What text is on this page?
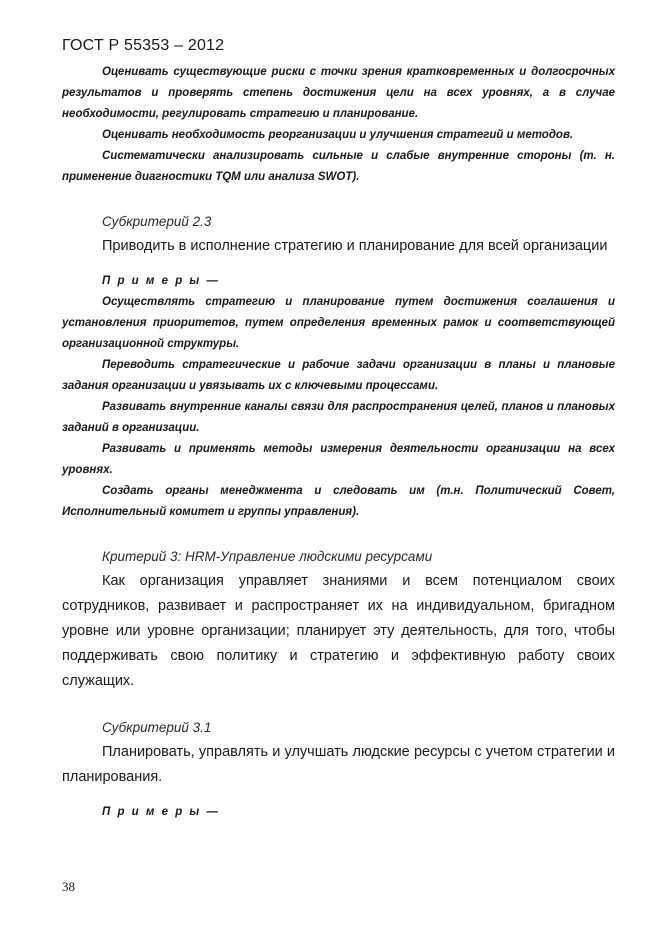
ГОСТ Р 55353 – 2012

Оценивать существующие риски с точки зрения кратковременных и долгосрочных результатов и проверять степень достижения цели на всех уровнях, а в случае необходимости, регулировать стратегию и планирование.

Оценивать необходимость реорганизации и улучшения стратегий и методов.

Систематически анализировать сильные и слабые внутренние стороны (т. н. применение диагностики TQM или анализа SWOT).

Субкритерий 2.3

Приводить в исполнение стратегию и планирование для всей организации

П р и м е р ы —

Осуществлять стратегию и планирование путем достижения соглашения и установления приоритетов, путем определения временных рамок и соответствующей организационной структуры.

Переводить стратегические и рабочие задачи организации в планы и плановые задания организации и увязывать их с ключевыми процессами.

Развивать внутренние каналы связи для распространения целей, планов и плановых заданий в организации.

Развивать и применять методы измерения деятельности организации на всех уровнях.

Создать органы менеджмента и следовать им (т.н. Политический Совет, Исполнительный комитет и группы управления).

Критерий 3: HRM-Управление людскими ресурсами

Как организация управляет знаниями и всем потенциалом своих сотрудников, развивает и распространяет их на индивидуальном, бригадном уровне или уровне организации; планирует эту деятельность, для того, чтобы поддерживать свою политику и стратегию и эффективную работу своих служащих.

Субкритерий 3.1

Планировать, управлять и улучшать людские ресурсы с учетом стратегии и планирования.

П р и м е р ы —

38
